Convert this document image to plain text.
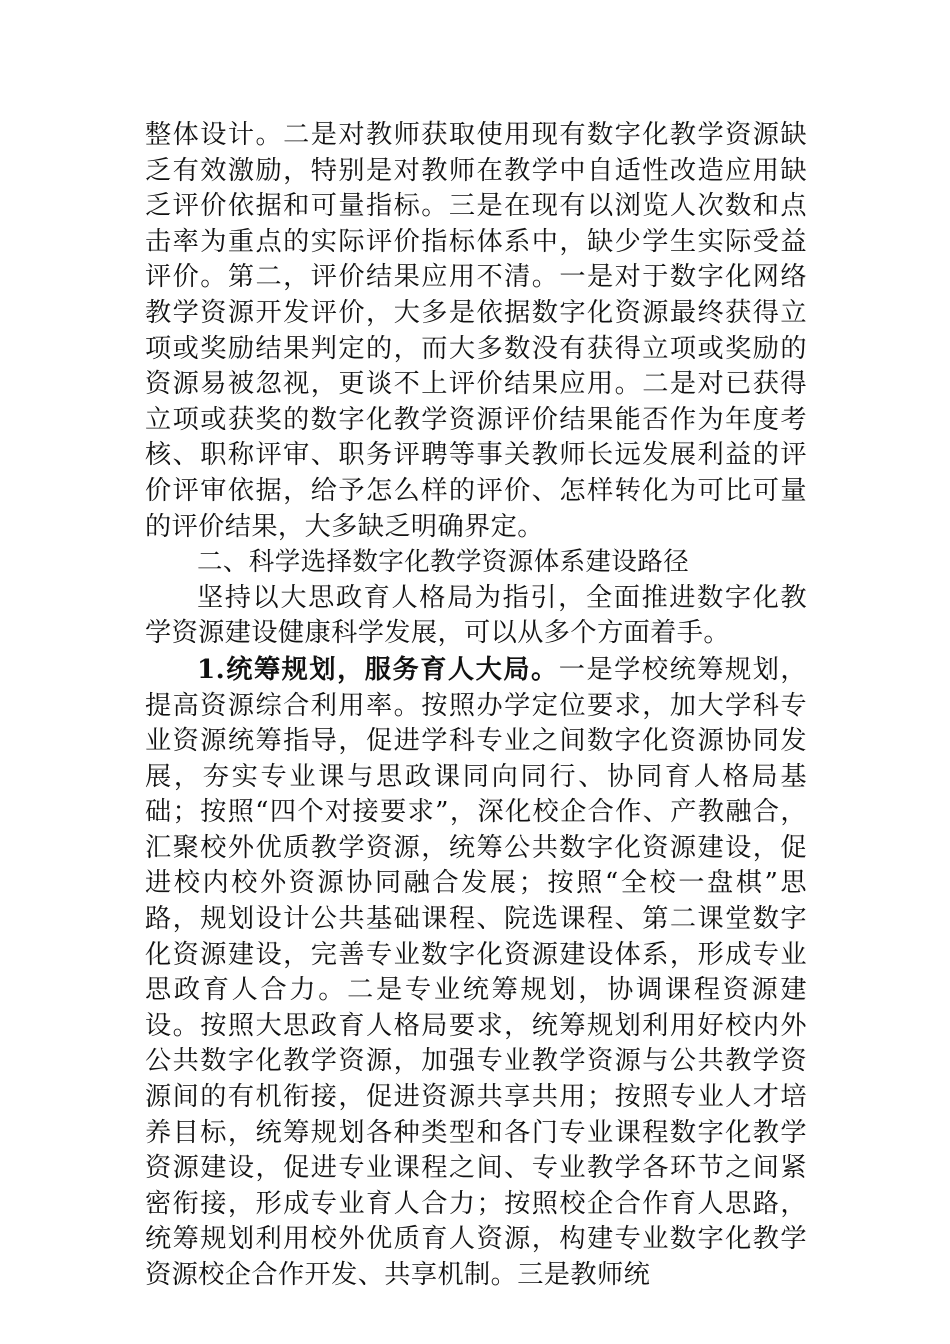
整体设计。二是对教师获取使用现有数字化教学资源缺乏有效激励，特别是对教师在教学中自适性改造应用缺乏评价依据和可量指标。三是在现有以浏览人次数和点击率为重点的实际评价指标体系中，缺少学生实际受益评价。第二，评价结果应用不清。一是对于数字化网络教学资源开发评价，大多是依据数字化资源最终获得立项或奖励结果判定的，而大多数没有获得立项或奖励的资源易被忽视，更谈不上评价结果应用。二是对已获得立项或获奖的数字化教学资源评价结果能否作为年度考核、职称评审、职务评聘等事关教师长远发展利益的评价评审依据，给予怎么样的评价、怎样转化为可比可量的评价结果，大多缺乏明确界定。

二、科学选择数字化教学资源体系建设路径

坚持以大思政育人格局为指引，全面推进数字化教学资源建设健康科学发展，可以从多个方面着手。

1.统筹规划，服务育人大局。一是学校统筹规划，提高资源综合利用率。按照办学定位要求，加大学科专业资源统筹指导，促进学科专业之间数字化资源协同发展，夯实专业课与思政课同向同行、协同育人格局基础；按照“四个对接要求”，深化校企合作、产教融合，汇聚校外优质教学资源，统筹公共数字化资源建设，促进校内校外资源协同融合发展；按照“全校一盘棋”思路，规划设计公共基础课程、院选课程、第二课堂数字化资源建设，完善专业数字化资源建设体系，形成专业思政育人合力。二是专业统筹规划，协调课程资源建设。按照大思政育人格局要求，统筹规划利用好校内外公共数字化教学资源，加强专业教学资源与公共教学资源间的有机衔接，促进资源共享共用；按照专业人才培养目标，统筹规划各种类型和各门专业课程数字化教学资源建设，促进专业课程之间、专业教学各环节之间紧密衔接，形成专业育人合力；按照校企合作育人思路，统筹规划利用校外优质育人资源，构建专业数字化教学资源校企合作开发、共享机制。三是教师统
